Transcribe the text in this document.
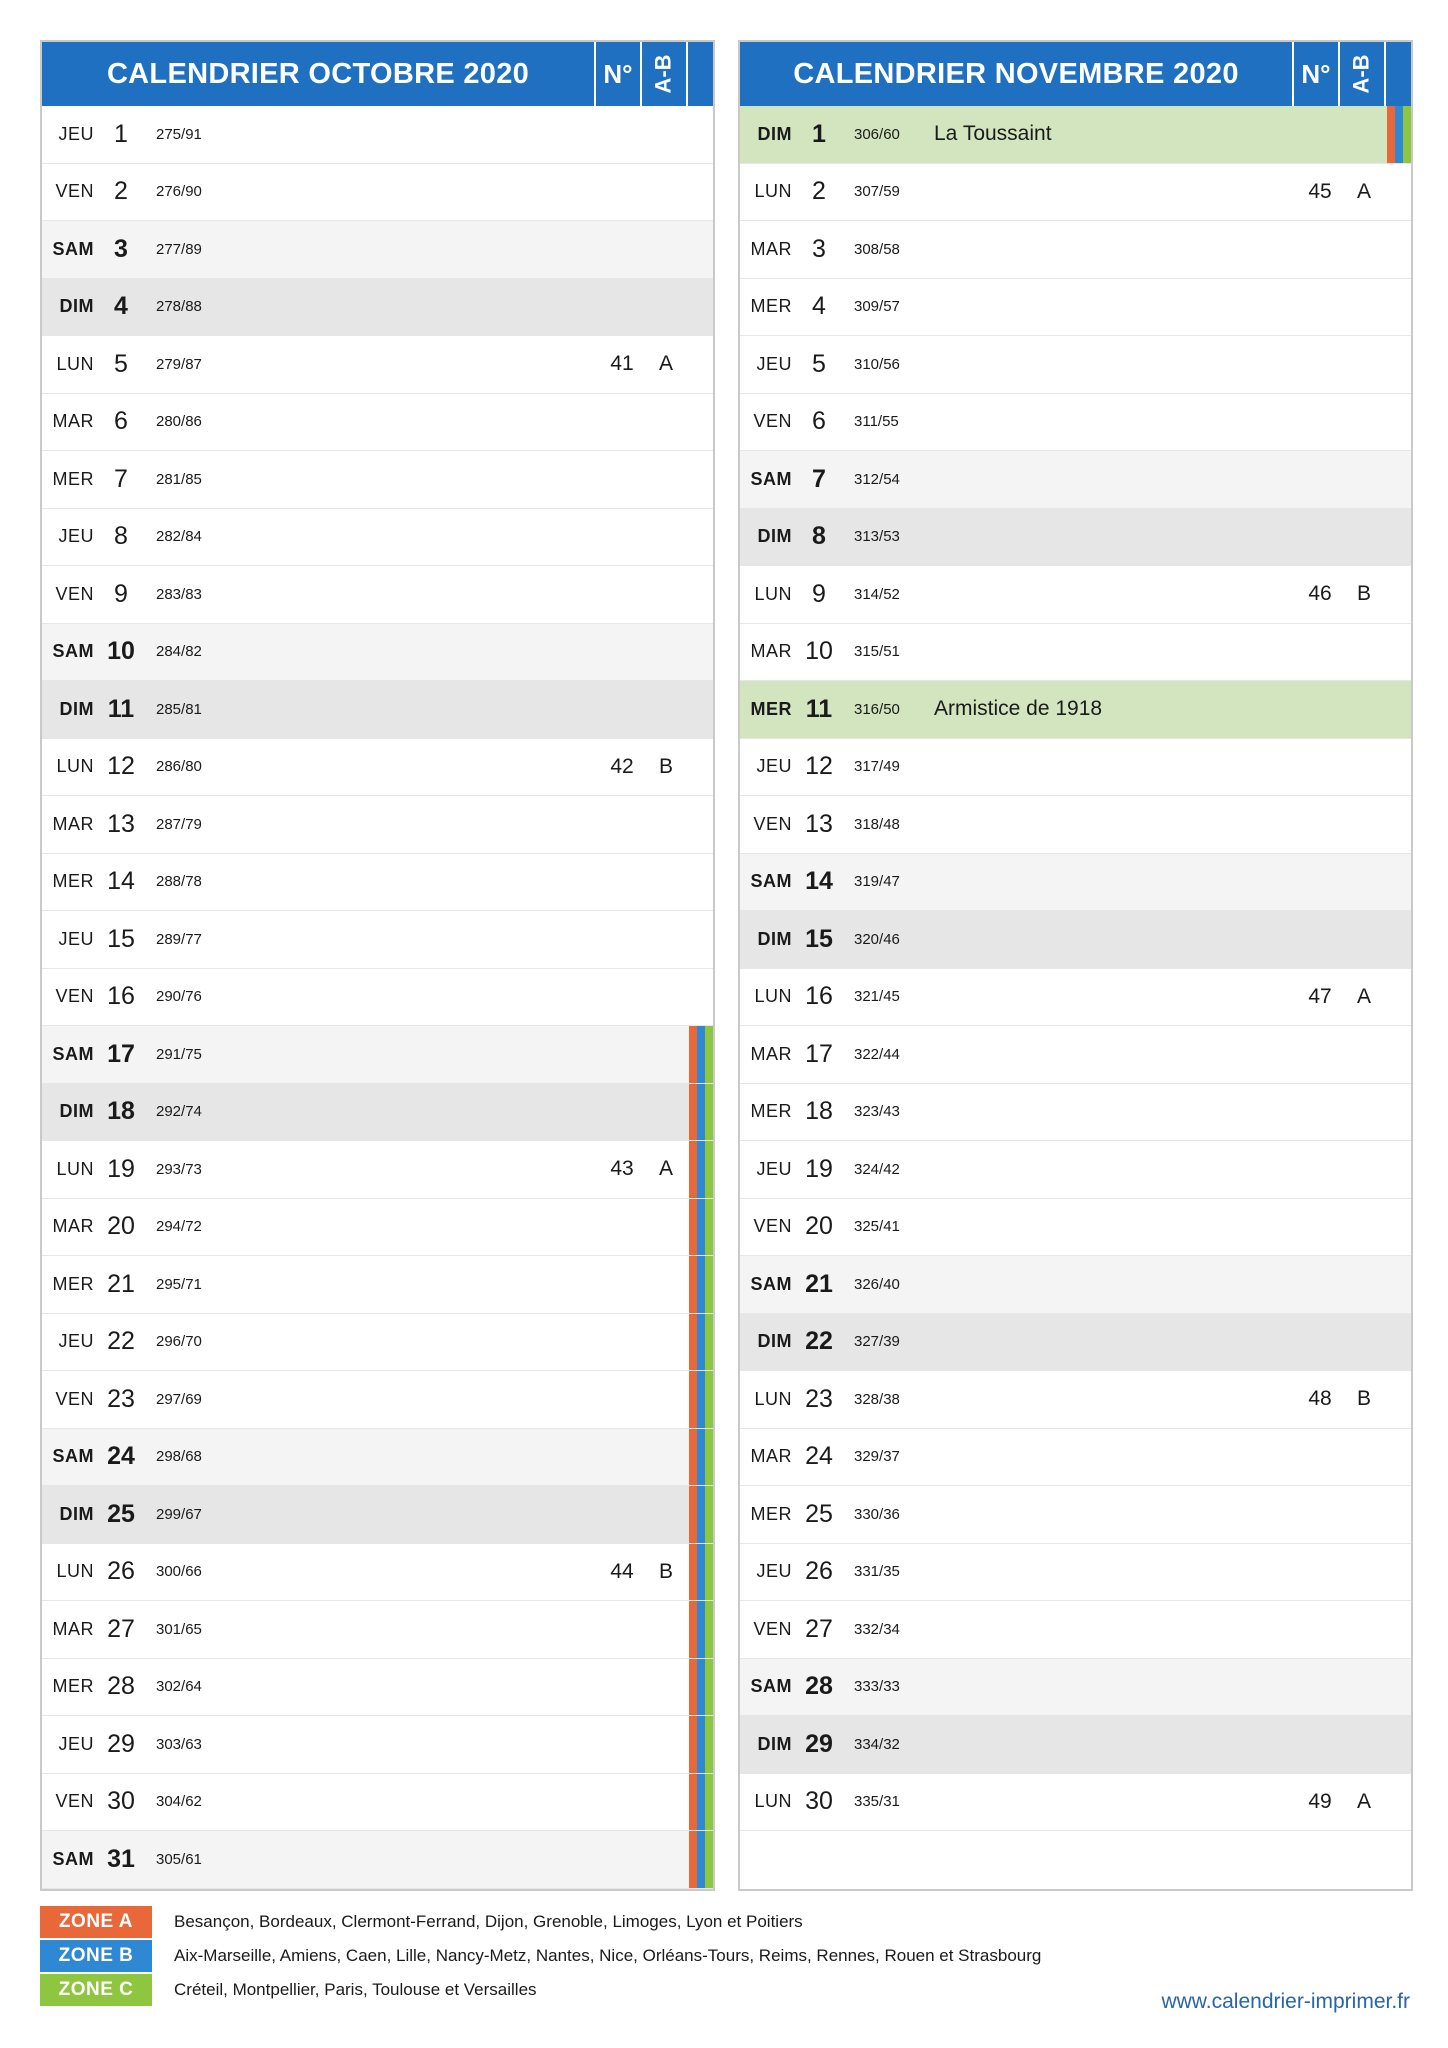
CALENDRIER OCTOBRE 2020	N° A-B
JEU 1	275/91
VEN 2	276/90
SAM 3	277/89
DIM 4	278/88
LUN 5	279/87	41	A
MAR 6	280/86
MER 7	281/85
JEU 8	282/84
VEN 9	283/83
SAM 10	284/82
DIM 11	285/81
LUN 12	286/80	42	B
MAR 13	287/79
MER 14	288/78
JEU 15	289/77
VEN 16	290/76
SAM 17	291/75
DIM 18	292/74
LUN 19	293/73	43	A
MAR 20	294/72
MER 21	295/71
JEU 22	296/70
VEN 23	297/69
SAM 24	298/68
DIM 25	299/67
LUN 26	300/66	44	B
MAR 27	301/65
MER 28	302/64
JEU 29	303/63
VEN 30	304/62
SAM 31	305/61
CALENDRIER NOVEMBRE 2020	N° A-B
DIM 1	306/60	La Toussaint
LUN 2	307/59	45	A
MAR 3	308/58
MER 4	309/57
JEU 5	310/56
VEN 6	311/55
SAM 7	312/54
DIM 8	313/53
LUN 9	314/52	46	B
MAR 10	315/51
MER 11	316/50	Armistice de 1918
JEU 12	317/49
VEN 13	318/48
SAM 14	319/47
DIM 15	320/46
LUN 16	321/45	47	A
MAR 17	322/44
MER 18	323/43
JEU 19	324/42
VEN 20	325/41
SAM 21	326/40
DIM 22	327/39
LUN 23	328/38	48	B
MAR 24	329/37
MER 25	330/36
JEU 26	331/35
VEN 27	332/34
SAM 28	333/33
DIM 29	334/32
LUN 30	335/31	49	A
ZONE A	Besançon, Bordeaux, Clermont-Ferrand, Dijon, Grenoble, Limoges, Lyon et Poitiers
ZONE B	Aix-Marseille, Amiens, Caen, Lille, Nancy-Metz, Nantes, Nice, Orléans-Tours, Reims, Rennes, Rouen et Strasbourg
ZONE C	Créteil, Montpellier, Paris, Toulouse et Versailles
www.calendrier-imprimer.fr
